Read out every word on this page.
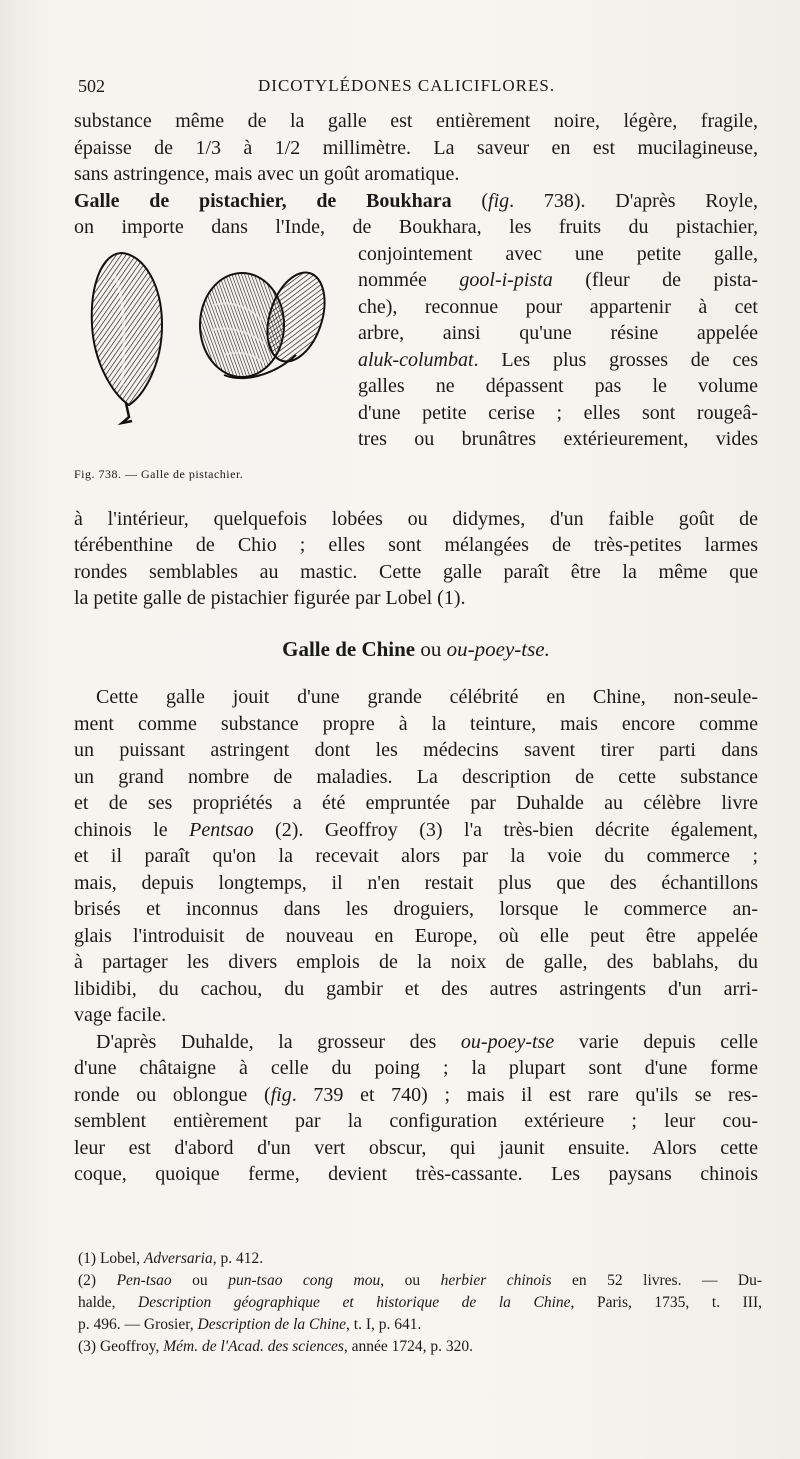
502	DICOTYLÉDONES CALICIFLORES.

substance même de la galle est entièrement noire, légère, fragile,
épaisse de 1/3 à 1/2 millimètre. La saveur en est mucilagineuse,
sans astringence, mais avec un goût aromatique.

Galle de pistachier, de Boukhara (fig. 738). D'après Royle,
on importe dans l'Inde, de Boukhara, les fruits du pistachier,

Fig. 738. — Galle de pistachier.
conjointement avec une petite galle,
nommée gool-i-pista (fleur de pista-
che), reconnue pour appartenir à cet
arbre, ainsi qu'une résine appelée
aluk-columbat. Les plus grosses de ces
galles ne dépassent pas le volume
d'une petite cerise ; elles sont rougeâ-
tres ou brunâtres extérieurement, vides

à l'intérieur, quelquefois lobées ou didymes, d'un faible goût de
térébenthine de Chio ; elles sont mélangées de très-petites larmes
rondes semblables au mastic. Cette galle paraît être la même que
la petite galle de pistachier figurée par Lobel (1).

Galle de Chine ou ou-poey-tse.

Cette galle jouit d'une grande célébrité en Chine, non-seule-
ment comme substance propre à la teinture, mais encore comme
un puissant astringent dont les médecins savent tirer parti dans
un grand nombre de maladies. La description de cette substance
et de ses propriétés a été empruntée par Duhalde au célèbre livre
chinois le Pentsao (2). Geoffroy (3) l'a très-bien décrite également,
et il paraît qu'on la recevait alors par la voie du commerce ;
mais, depuis longtemps, il n'en restait plus que des échantillons
brisés et inconnus dans les droguiers, lorsque le commerce an-
glais l'introduisit de nouveau en Europe, où elle peut être appelée
à partager les divers emplois de la noix de galle, des bablahs, du
libidibi, du cachou, du gambir et des autres astringents d'un arri-
vage facile.

D'après Duhalde, la grosseur des ou-poey-tse varie depuis celle
d'une châtaigne à celle du poing ; la plupart sont d'une forme
ronde ou oblongue (fig. 739 et 740) ; mais il est rare qu'ils se res-
semblent entièrement par la configuration extérieure ; leur cou-
leur est d'abord d'un vert obscur, qui jaunit ensuite. Alors cette
coque, quoique ferme, devient très-cassante. Les paysans chinois

(1) Lobel, Adversaria, p. 412.
(2) Pen-tsao ou pun-tsao cong mou, ou herbier chinois en 52 livres. — Du-
halde, Description géographique et historique de la Chine, Paris, 1735, t. III,
p. 496. — Grosier, Description de la Chine, t. I, p. 641.
(3) Geoffroy, Mém. de l'Acad. des sciences, année 1724, p. 320.
